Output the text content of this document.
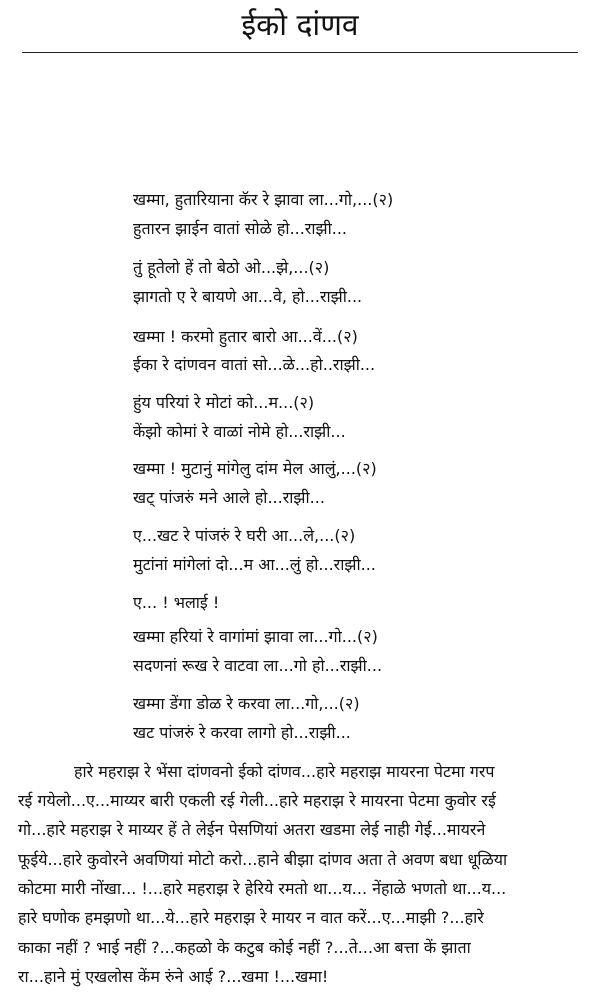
ईको दांणव
खम्मा, हुतारियाना कॅर रे झावा ला...गो,...(२)
हुतारन झाईन वातां सोळे हो...राझी...
तुं हूतेलो हें तो बेठो ओ...झे,...(२)
झागतो ए रे बायणे आ...वे, हो...राझी...
खम्मा ! करमो हुतार बारो आ...वें...(२)
ईका रे दांणवन वातां सो...ळे...हो..राझी...
हुंय परियां रे मोटां को...म...(२)
केंझो कोमां रे वाळां नोमे हो...राझी...
खम्मा ! मुटानुं मांगेलु दांम मेल आलुं,...(२)
खट् पांजरुं मने आले हो...राझी...
ए...खट रे पांजरुं रे घरी आ...ले,...(२)
मुटांनां मांगेलां दो...म आ...लुं हो...राझी...
ए... ! भलाई !
खम्मा हरियां रे वागांमां झावा ला...गो...(२)
सदणनां रूख रे वाटवा ला...गो हो...राझी...
खम्मा डेंगा डोळ रे करवा ला...गो,...(२)
खट पांजरुं रे करवा लागो हो...राझी...
हारे महराझ रे भेंसा दांणवनो ईको दांणव...हारे महराझ मायरना पेटमा गरप
रई गयेलो...ए...माय्यर बारी एकली रई गेली...हारे महराझ रे मायरना पेटमा कुवोर रई
गो...हारे महराझ रे माय्यर हें ते लेईन पेसणियां अतरा खडमा लेई नाही गेई...मायरने
फूईये...हारे कुवोरने अवणियां मोटो करो...हाने बीझा दांणव अता ते अवण बधा धूळिया
कोटमा मारी नोंखा... !...हारे महराझ रे हेरिये रमतो था...य... नेंहाळे भणतो था...य...
हारे घणोक हमझणो था...ये...हारे महराझ रे मायर न वात करें...ए...माझी ?...हारे
काका नहीं ? भाई नहीं ?...कहळो के कटुब कोई नहीं ?...ते...आ बत्ता कें झाता
रा...हाने मुं एखलोस केंम रुंने आई ?...खमा !...खमा!
